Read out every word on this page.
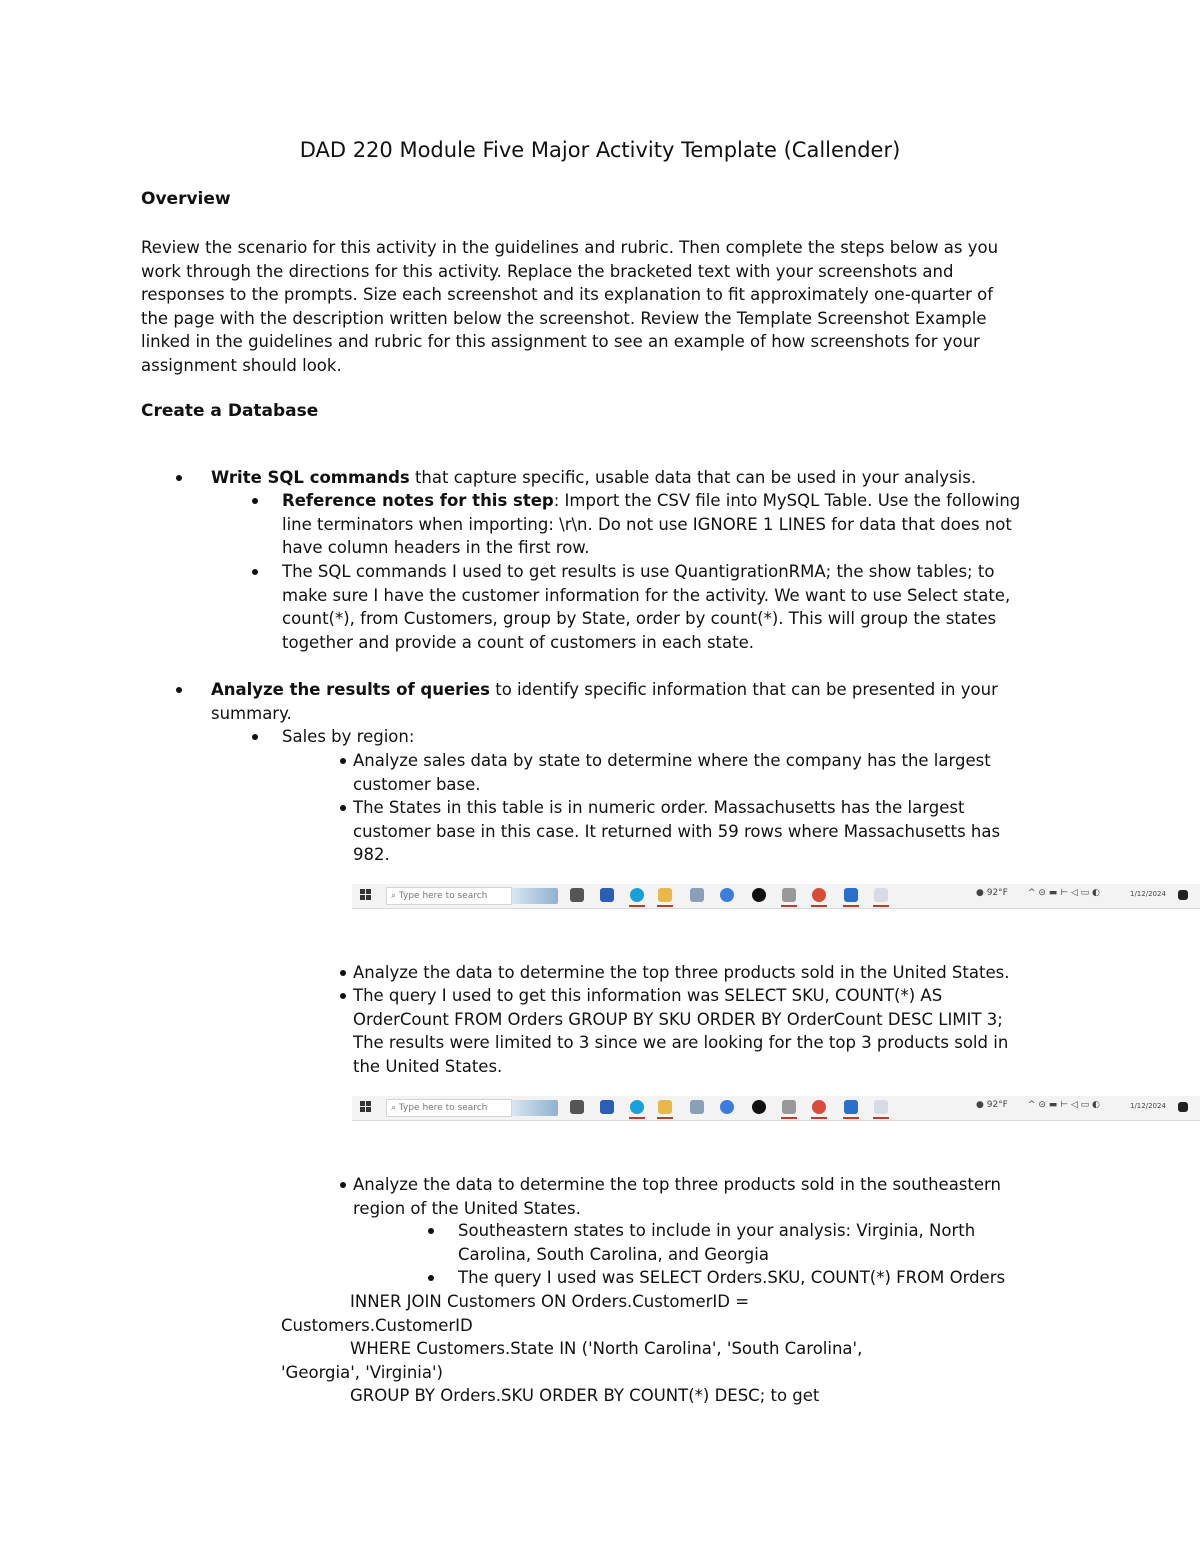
DAD 220 Module Five Major Activity Template (Callender)
Overview
Review the scenario for this activity in the guidelines and rubric. Then complete the steps below as you
work through the directions for this activity. Replace the bracketed text with your screenshots and
responses to the prompts. Size each screenshot and its explanation to fit approximately one-quarter of
the page with the description written below the screenshot. Review the Template Screenshot Example
linked in the guidelines and rubric for this assignment to see an example of how screenshots for your
assignment should look.
Create a Database
Write SQL commands that capture specific, usable data that can be used in your analysis.
Reference notes for this step: Import the CSV file into MySQL Table. Use the following
line terminators when importing: \r\n. Do not use IGNORE 1 LINES for data that does not
have column headers in the first row.
The SQL commands I used to get results is use QuantigrationRMA; the show tables; to
make sure I have the customer information for the activity. We want to use Select state,
count(*), from Customers, group by State, order by count(*). This will group the states
together and provide a count of customers in each state.
Analyze the results of queries to identify specific information that can be presented in your
summary.
Sales by region:
Analyze sales data by state to determine where the company has the largest
customer base.
The States in this table is in numeric order. Massachusetts has the largest
customer base in this case. It returned with 59 rows where Massachusetts has
982.
⌕ Type here to search	● 92°F ^ ⊝ ▬ ⊢ ◁ ▭ ◐	1/12/2024
Analyze the data to determine the top three products sold in the United States.
The query I used to get this information was SELECT SKU, COUNT(*) AS
OrderCount FROM Orders GROUP BY SKU ORDER BY OrderCount DESC LIMIT 3;
The results were limited to 3 since we are looking for the top 3 products sold in
the United States.
⌕ Type here to search	● 92°F ^ ⊝ ▬ ⊢ ◁ ▭ ◐	1/12/2024
Analyze the data to determine the top three products sold in the southeastern
region of the United States.
Southeastern states to include in your analysis: Virginia, North
Carolina, South Carolina, and Georgia
The query I used was SELECT Orders.SKU, COUNT(*) FROM Orders
INNER JOIN Customers ON Orders.CustomerID =
Customers.CustomerID
WHERE Customers.State IN ('North Carolina', 'South Carolina',
'Georgia', 'Virginia')
GROUP BY Orders.SKU ORDER BY COUNT(*) DESC; to get
